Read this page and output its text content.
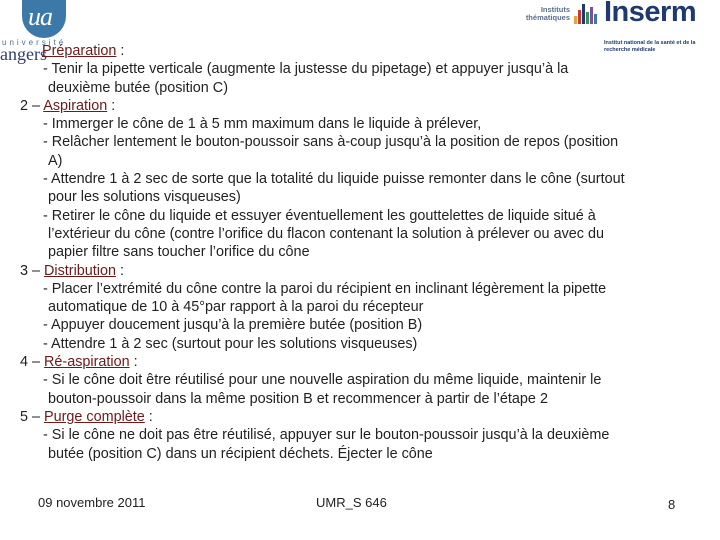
ua
université
angers
Instituts thématiques Inserm
Institut national de la santé et de la recherche médicale
Préparation :
- Tenir la pipette verticale (augmente la justesse du pipetage) et appuyer jusqu’à la
deuxième butée (position C)
2 – Aspiration :
- Immerger le cône de 1 à 5 mm maximum dans le liquide à prélever,
- Relâcher lentement le bouton-poussoir sans à-coup jusqu’à la position de repos (position
A)
- Attendre 1 à 2 sec de sorte que la totalité du liquide puisse remonter dans le cône (surtout
pour les solutions visqueuses)
- Retirer le cône du liquide et essuyer éventuellement les gouttelettes de liquide situé à
l’extérieur du cône (contre l’orifice du flacon contenant la solution à prélever ou avec du
papier filtre sans toucher l’orifice du cône
3 – Distribution :
- Placer l’extrémité du cône contre la paroi du récipient en inclinant légèrement la pipette
automatique de 10 à 45°par rapport à la paroi du récepteur
- Appuyer doucement jusqu’à la première butée (position B)
- Attendre 1 à 2 sec (surtout pour les solutions visqueuses)
4 – Ré-aspiration :
- Si le cône doit être réutilisé pour une nouvelle aspiration du même liquide, maintenir le
bouton-poussoir dans la même position B et recommencer à partir de l’étape 2
5 – Purge complète :
- Si le cône ne doit pas être réutilisé, appuyer sur le bouton-poussoir jusqu’à la deuxième
butée (position C) dans un récipient déchets. Éjecter le cône
09 novembre 2011	UMR_S 646	8
